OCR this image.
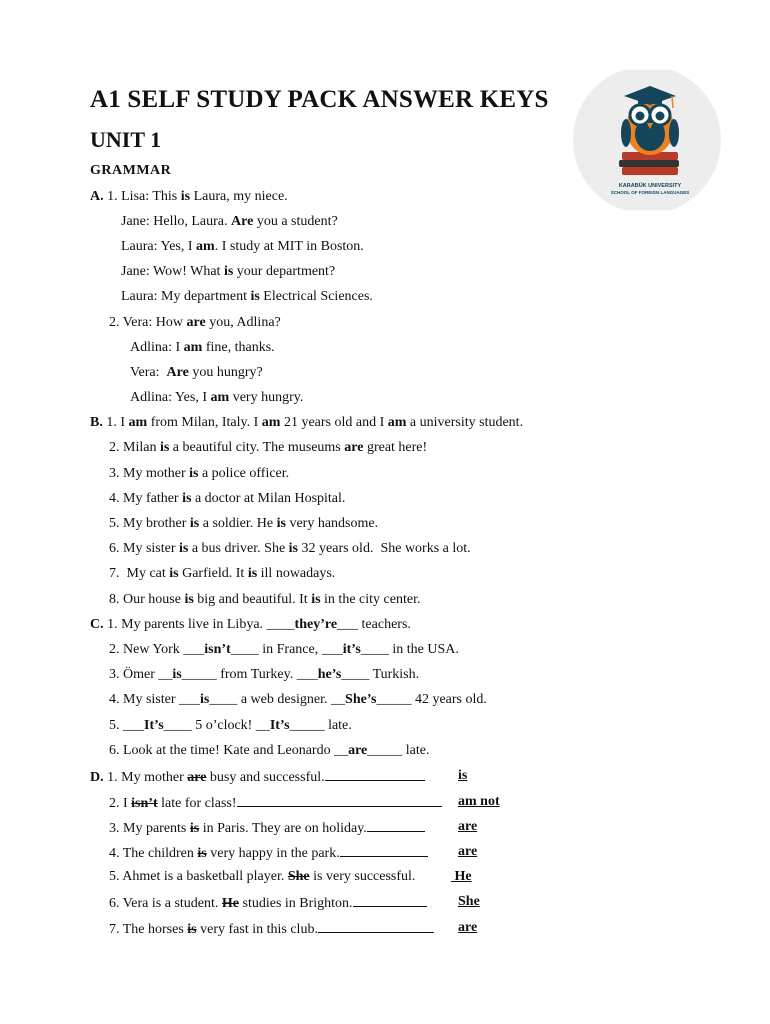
A1 SELF STUDY PACK ANSWER KEYS
UNIT 1
GRAMMAR
KARABÜK UNIVERSITY
SCHOOL OF FOREIGN LANGUAGES
A. 1. Lisa: This is Laura, my niece.
Jane: Hello, Laura. Are you a student?
Laura: Yes, I am. I study at MIT in Boston.
Jane: Wow! What is your department?
Laura: My department is Electrical Sciences.
2. Vera: How are you, Adlina?
Adlina: I am fine, thanks.
Vera:  Are you hungry?
Adlina: Yes, I am very hungry.
B. 1. I am from Milan, Italy. I am 21 years old and I am a university student.
2. Milan is a beautiful city. The museums are great here!
3. My mother is a police officer.
4. My father is a doctor at Milan Hospital.
5. My brother is a soldier. He is very handsome.
6. My sister is a bus driver. She is 32 years old.  She works a lot.
7.  My cat is Garfield. It is ill nowadays.
8. Our house is big and beautiful. It is in the city center.
C. 1. My parents live in Libya. ____they’re___ teachers.
2. New York ___isn’t____ in France, ___it’s____ in the USA.
3. Ömer __is_____ from Turkey. ___he’s____ Turkish.
4. My sister ___is____ a web designer. __She’s_____ 42 years old.
5. ___It’s____ 5 o’clock! __It’s_____ late.
6. Look at the time! Kate and Leonardo __are_____ late.
D. 1. My mother are busy and successful.	is
2. I isn’t late for class!	am not
3. My parents is in Paris. They are on holiday.	are
4. The children is very happy in the park.	are
5. Ahmet is a basketball player. She is very successful.	He
6. Vera is a student. He studies in Brighton.	She
7. The horses is very fast in this club.	are
